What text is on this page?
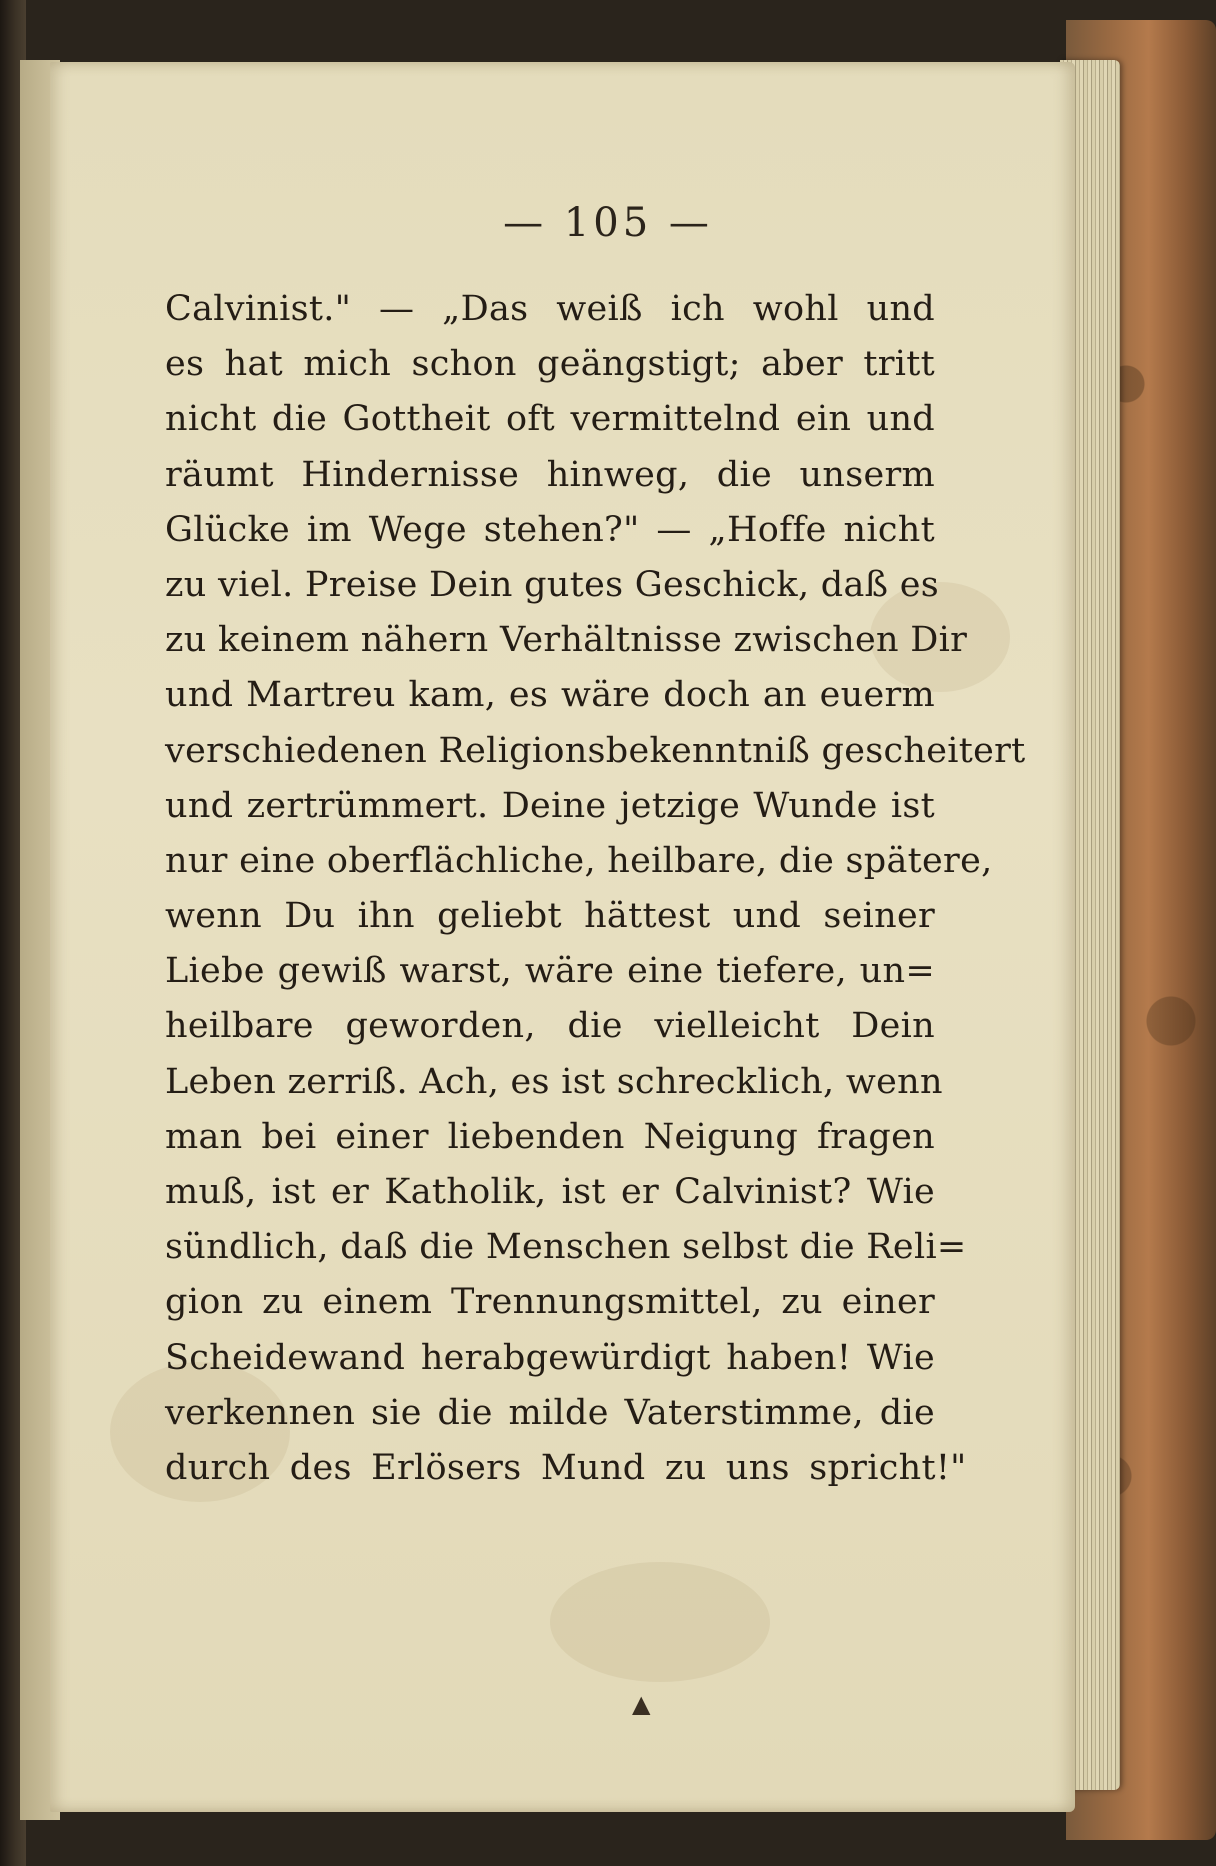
— 105 —
Calvinist." — „Das weiß ich wohl und
es hat mich schon geängstigt; aber tritt
nicht die Gottheit oft vermittelnd ein und
räumt Hindernisse hinweg, die unserm
Glücke im Wege stehen?" — „Hoffe nicht
zu viel. Preise Dein gutes Geschick, daß es
zu keinem nähern Verhältnisse zwischen Dir
und Martreu kam, es wäre doch an euerm
verschiedenen Religionsbekenntniß gescheitert
und zertrümmert. Deine jetzige Wunde ist
nur eine oberflächliche, heilbare, die spätere,
wenn Du ihn geliebt hättest und seiner
Liebe gewiß warst, wäre eine tiefere, un=
heilbare geworden, die vielleicht Dein
Leben zerriß. Ach, es ist schrecklich, wenn
man bei einer liebenden Neigung fragen
muß, ist er Katholik, ist er Calvinist? Wie
sündlich, daß die Menschen selbst die Reli=
gion zu einem Trennungsmittel, zu einer
Scheidewand herabgewürdigt haben! Wie
verkennen sie die milde Vaterstimme, die
durch des Erlösers Mund zu uns spricht!"
▲
